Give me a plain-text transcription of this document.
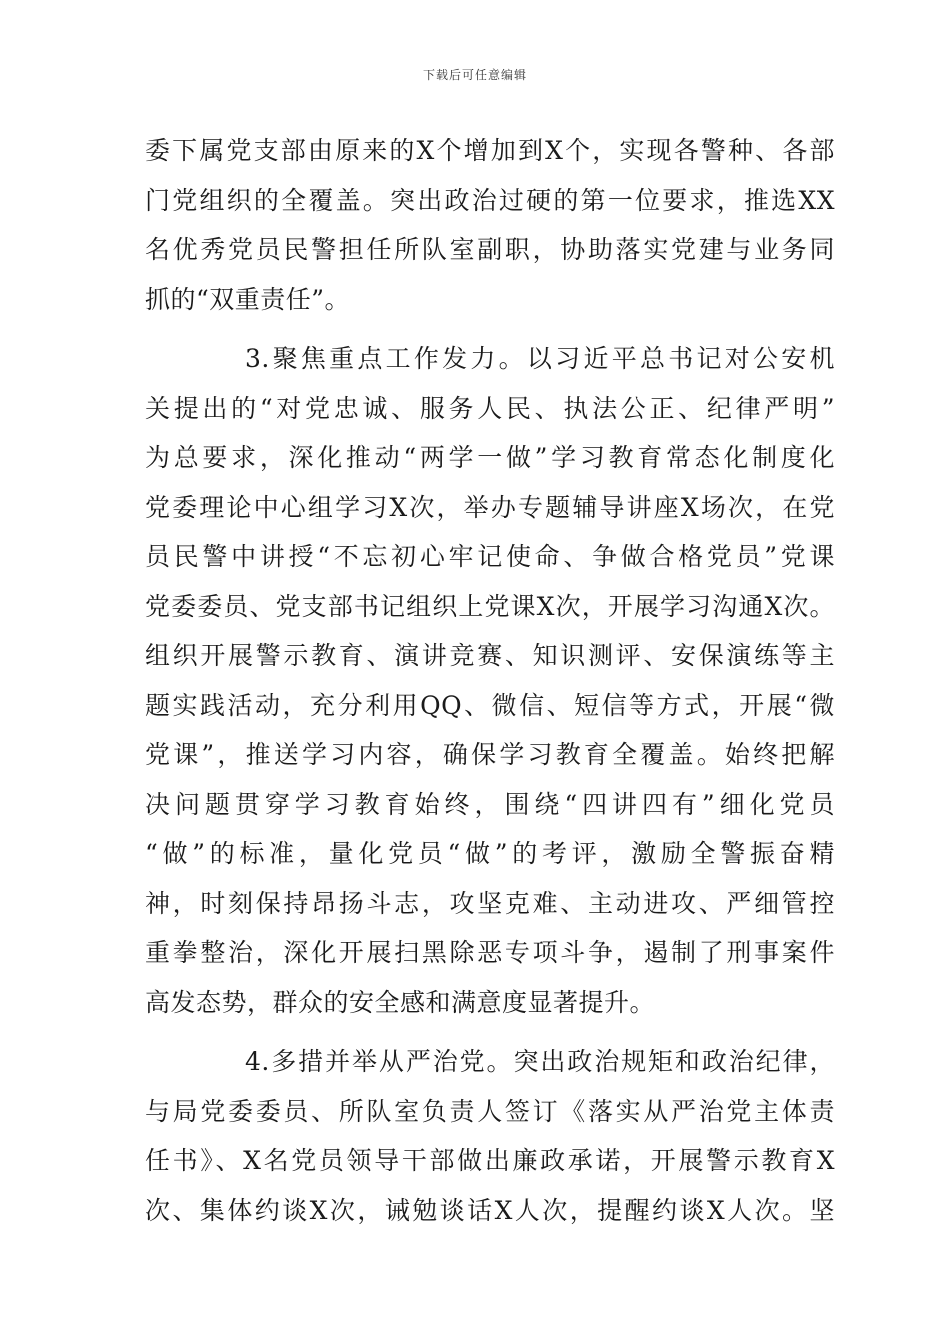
下载后可任意编辑
委下属党支部由原来的X个增加到X个，实现各警种、各部
门党组织的全覆盖。突出政治过硬的第一位要求，推选XX
名优秀党员民警担任所队室副职，协助落实党建与业务同
抓的“双重责任”。
3.聚焦重点工作发力。以习近平总书记对公安机
关提出的“对党忠诚、服务人民、执法公正、纪律严明”
为总要求，深化推动“两学一做”学习教育常态化制度化
党委理论中心组学习X次，举办专题辅导讲座X场次，在党
员民警中讲授“不忘初心牢记使命、争做合格党员”党课
党委委员、党支部书记组织上党课X次，开展学习沟通X次。
组织开展警示教育、演讲竞赛、知识测评、安保演练等主
题实践活动，充分利用QQ、微信、短信等方式，开展“微
党课”，推送学习内容，确保学习教育全覆盖。始终把解
决问题贯穿学习教育始终，围绕“四讲四有”细化党员
“做”的标准，量化党员“做”的考评，激励全警振奋精
神，时刻保持昂扬斗志，攻坚克难、主动进攻、严细管控
重拳整治，深化开展扫黑除恶专项斗争，遏制了刑事案件
高发态势，群众的安全感和满意度显著提升。
4.多措并举从严治党。突出政治规矩和政治纪律，
与局党委委员、所队室负责人签订《落实从严治党主体责
任书》、X名党员领导干部做出廉政承诺，开展警示教育X
次、集体约谈X次，诫勉谈话X人次，提醒约谈X人次。坚
